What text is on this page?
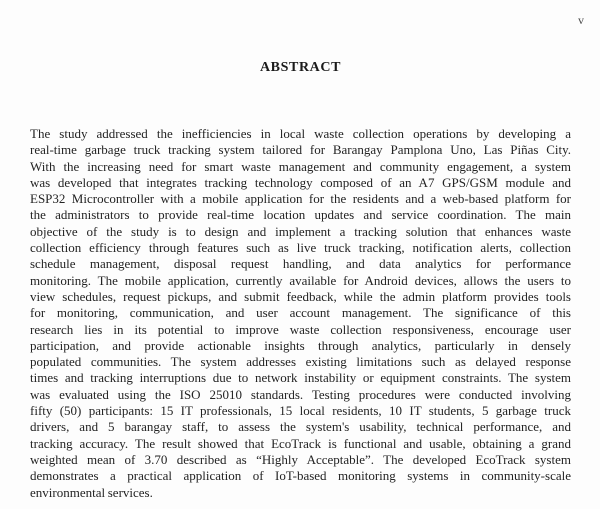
v
ABSTRACT
The study addressed the inefficiencies in local waste collection operations by developing a
real-time garbage truck tracking system tailored for Barangay Pamplona Uno, Las Piñas City.
With the increasing need for smart waste management and community engagement, a system
was developed that integrates tracking technology composed of an A7 GPS/GSM module and
ESP32 Microcontroller with a mobile application for the residents and a web-based platform for
the administrators to provide real-time location updates and service coordination. The main
objective of the study is to design and implement a tracking solution that enhances waste
collection efficiency through features such as live truck tracking, notification alerts, collection
schedule management, disposal request handling, and data analytics for performance
monitoring. The mobile application, currently available for Android devices, allows the users to
view schedules, request pickups, and submit feedback, while the admin platform provides tools
for monitoring, communication, and user account management. The significance of this
research lies in its potential to improve waste collection responsiveness, encourage user
participation, and provide actionable insights through analytics, particularly in densely
populated communities. The system addresses existing limitations such as delayed response
times and tracking interruptions due to network instability or equipment constraints. The system
was evaluated using the ISO 25010 standards. Testing procedures were conducted involving
fifty (50) participants: 15 IT professionals, 15 local residents, 10 IT students, 5 garbage truck
drivers, and 5 barangay staff, to assess the system's usability, technical performance, and
tracking accuracy. The result showed that EcoTrack is functional and usable, obtaining a grand
weighted mean of 3.70 described as “Highly Acceptable”. The developed EcoTrack system
demonstrates a practical application of IoT-based monitoring systems in community-scale
environmental services.
